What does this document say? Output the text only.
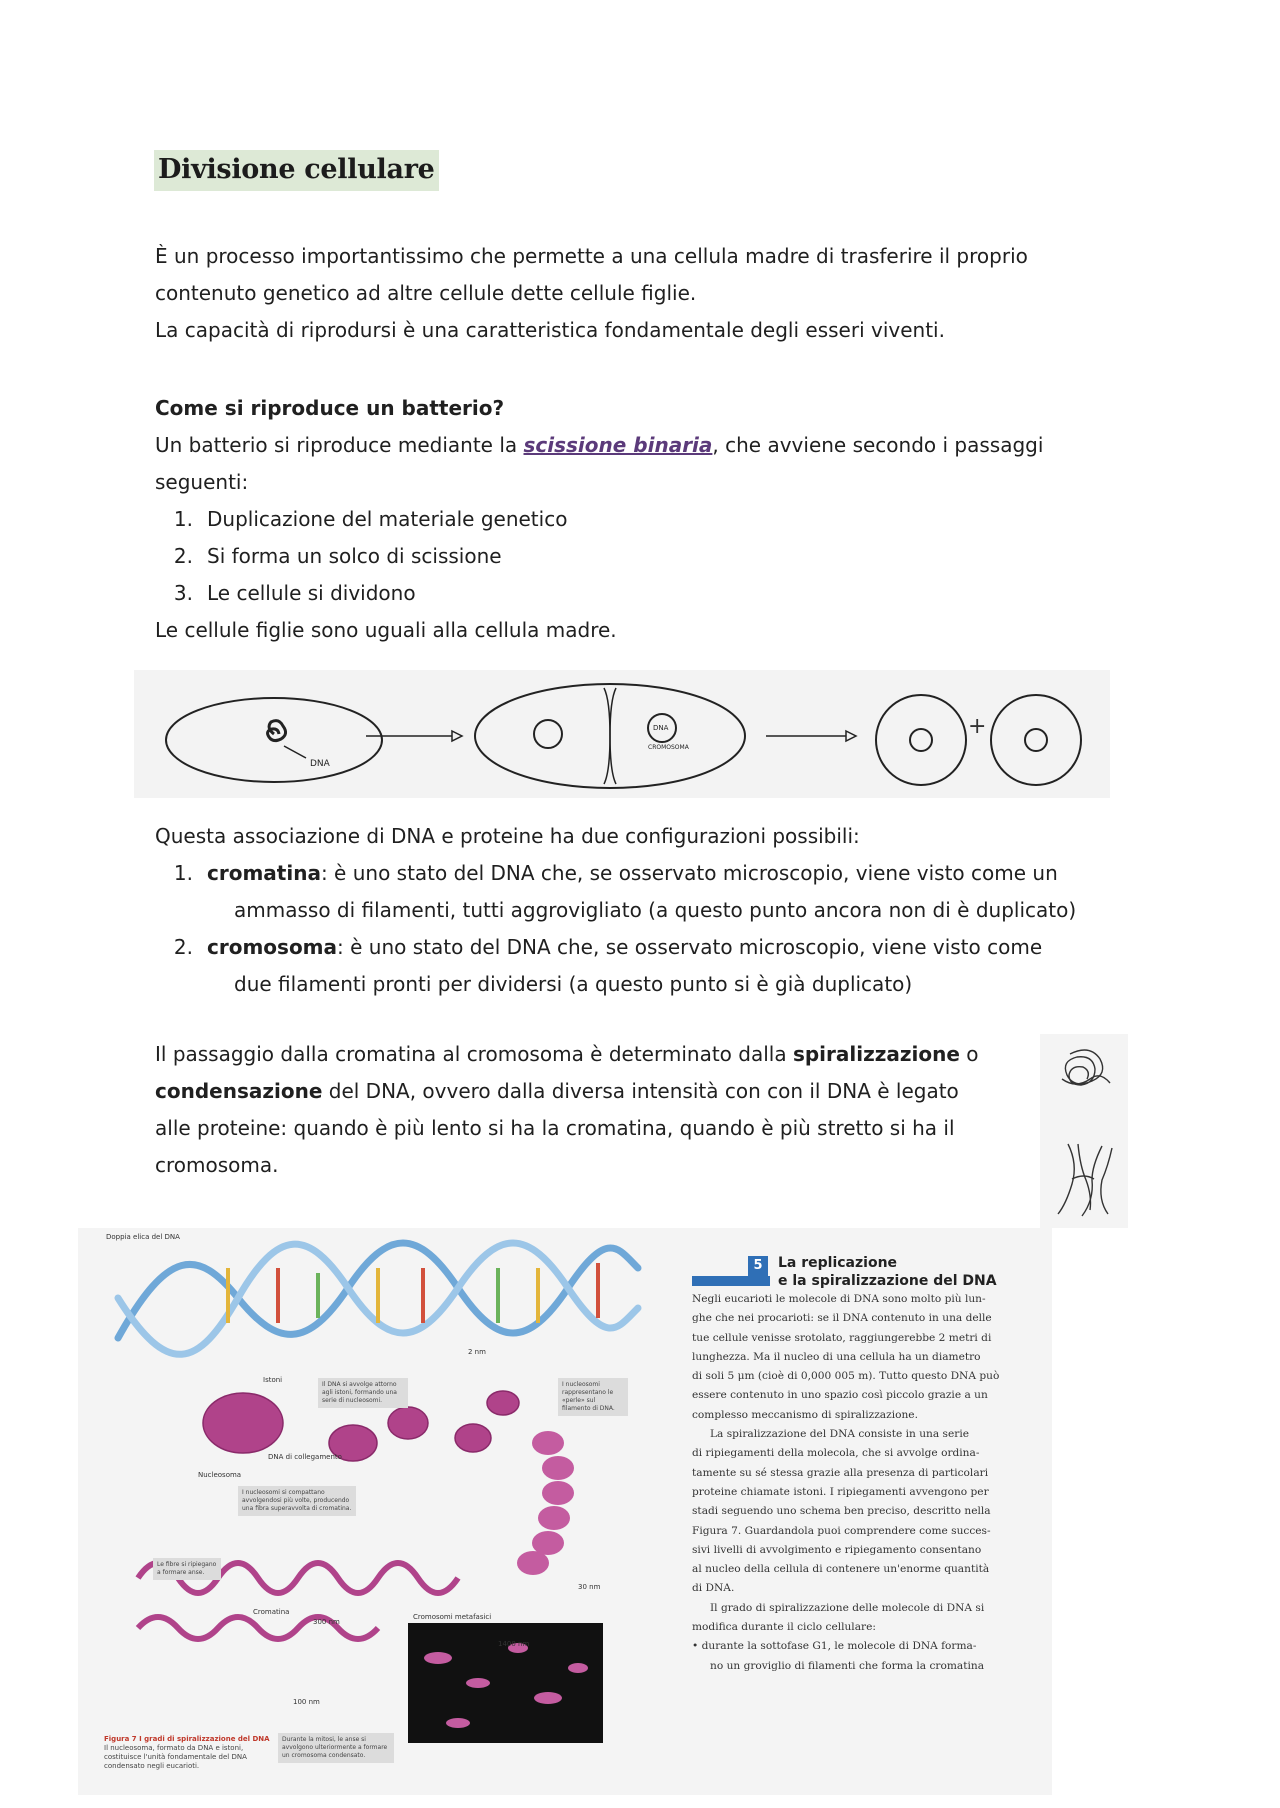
Divisione cellulare
È un processo importantissimo che permette a una cellula madre di trasferire il proprio
contenuto genetico ad altre cellule dette cellule figlie.
La capacità di riprodursi è una caratteristica fondamentale degli esseri viventi.
Come si riproduce un batterio?
Un batterio si riproduce mediante la scissione binaria, che avviene secondo i passaggi
seguenti:
1. Duplicazione del materiale genetico
2. Si forma un solco di scissione
3. Le cellule si dividono
Le cellule figlie sono uguali alla cellula madre.
DNA
DNA
CROMOSOMA
+
Questa associazione di DNA e proteine ha due configurazioni possibili:
1. cromatina: è uno stato del DNA che, se osservato microscopio, viene visto come un
ammasso di filamenti, tutti aggrovigliato (a questo punto ancora non di è duplicato)
2. cromosoma: è uno stato del DNA che, se osservato microscopio, viene visto come
due filamenti pronti per dividersi (a questo punto si è già duplicato)
Il passaggio dalla cromatina al cromosoma è determinato dalla spiralizzazione o
condensazione del DNA, ovvero dalla diversa intensità con con il DNA è legato
alle proteine: quando è più lento si ha la cromatina, quando è più stretto si ha il
cromosoma.
Doppia elica del DNA
Istoni
Nucleosoma
DNA di collegamento
Cromatina
2 nm
30 nm
300 nm
100 nm
1400 nm
Cromosomi metafasici
Il DNA si avvolge attorno agli istoni, formando una serie di nucleosomi.
I nucleosomi rappresentano le «perle» sul filamento di DNA.
I nucleosomi si compattano avvolgendosi più volte, producendo una fibra superavvolta di cromatina.
Le fibre si ripiegano a formare anse.
Durante la mitosi, le anse si avvolgono ulteriormente a formare un cromosoma condensato.
Figura 7 I gradi di spiralizzazione del DNA
Il nucleosoma, formato da DNA e istoni, costituisce l'unità fondamentale del DNA condensato negli eucarioti.
5	La replicazione
e la spiralizzazione del DNA
Negli eucarioti le molecole di DNA sono molto più lun-
ghe che nei procarioti: se il DNA contenuto in una delle
tue cellule venisse srotolato, raggiungerebbe 2 metri di
lunghezza. Ma il nucleo di una cellula ha un diametro
di soli 5 μm (cioè di 0,000 005 m). Tutto questo DNA può
essere contenuto in uno spazio così piccolo grazie a un
complesso meccanismo di spiralizzazione.
La spiralizzazione del DNA consiste in una serie
di ripiegamenti della molecola, che si avvolge ordina-
tamente su sé stessa grazie alla presenza di particolari
proteine chiamate istoni. I ripiegamenti avvengono per
stadi seguendo uno schema ben preciso, descritto nella
Figura 7. Guardandola puoi comprendere come succes-
sivi livelli di avvolgimento e ripiegamento consentano
al nucleo della cellula di contenere un'enorme quantità
di DNA.
Il grado di spiralizzazione delle molecole di DNA si
modifica durante il ciclo cellulare:
• durante la sottofase G1, le molecole di DNA forma-
no un groviglio di filamenti che forma la cromatina
